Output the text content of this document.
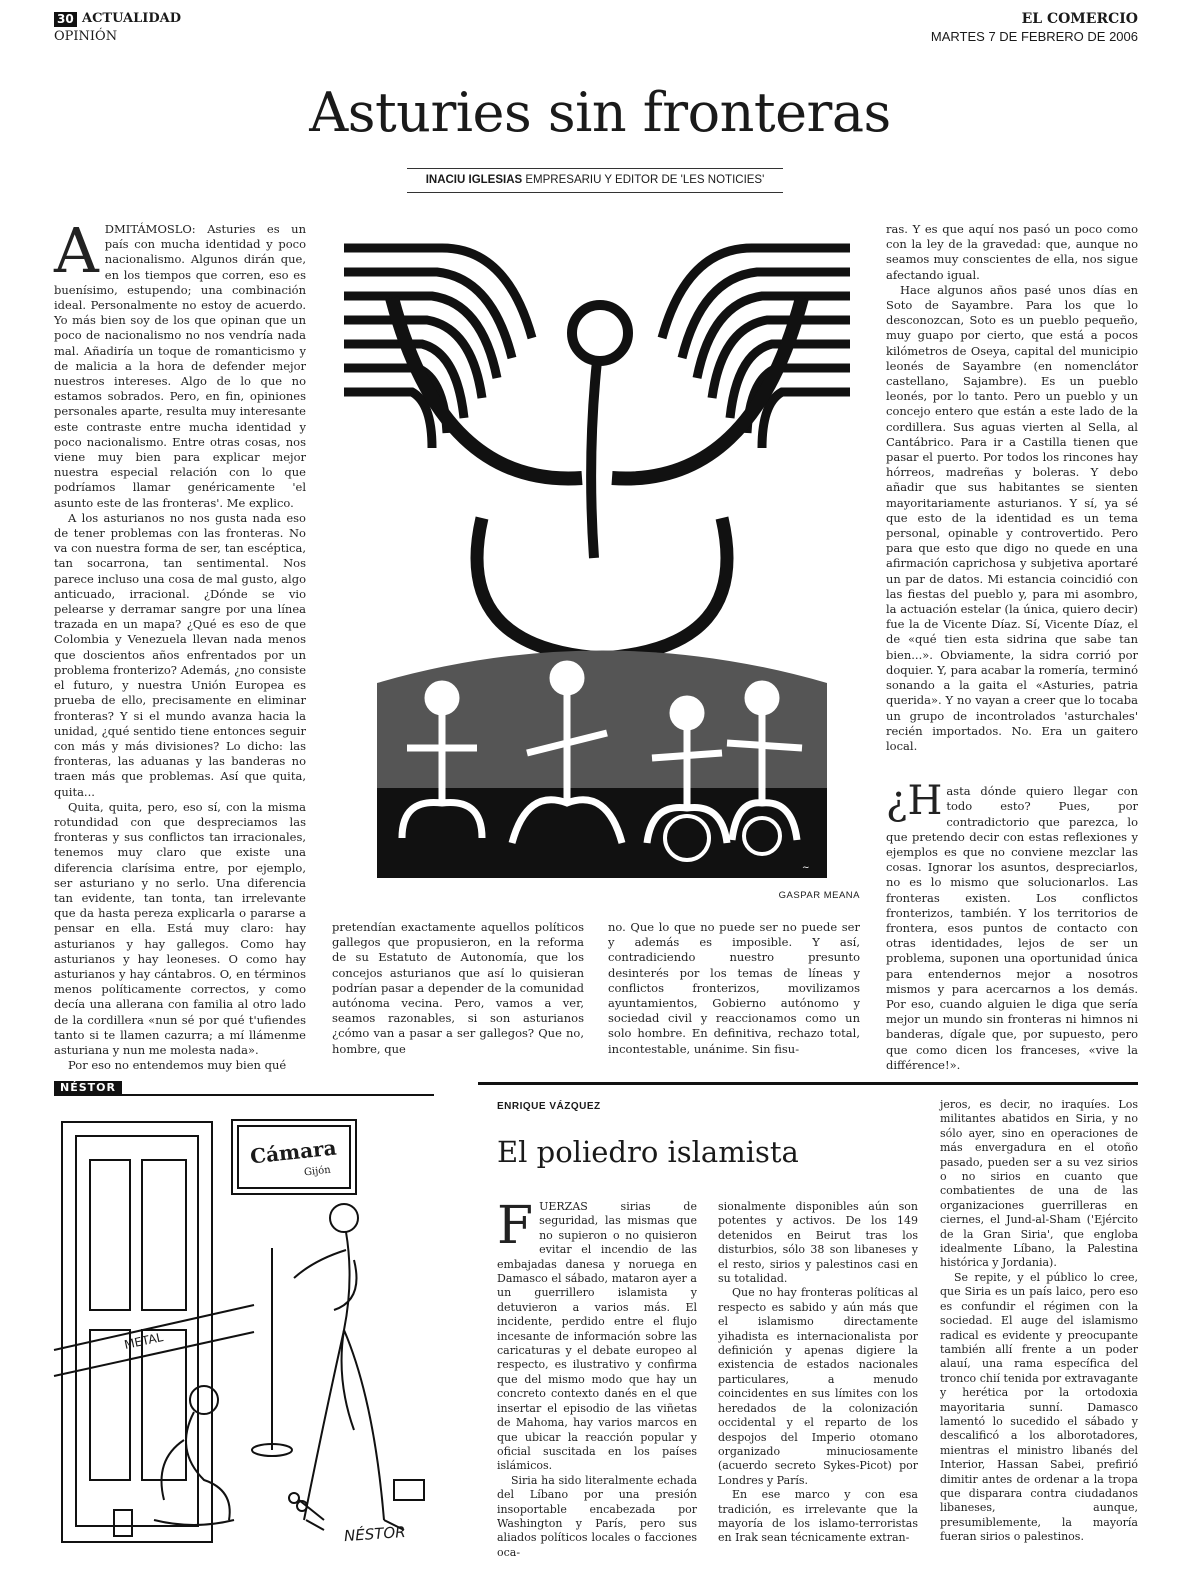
30 ACTUALIDAD
OPINIÓN
EL COMERCIO
MARTES 7 DE FEBRERO DE 2006
Asturies sin fronteras
INACIU IGLESIAS EMPRESARIU Y EDITOR DE 'LES NOTICIES'

ADMITÁMOSLO: Asturies es un país con mucha identidad y poco nacionalismo. Algunos dirán que, en los tiempos que corren, eso es buenísimo, estupendo; una combinación ideal. Personalmente no estoy de acuerdo. Yo más bien soy de los que opinan que un poco de nacionalismo no nos vendría nada mal. Añadiría un toque de romanticismo y de malicia a la hora de defender mejor nuestros intereses. Algo de lo que no estamos sobrados. Pero, en fin, opiniones personales aparte, resulta muy interesante este contraste entre mucha identidad y poco nacionalismo. Entre otras cosas, nos viene muy bien para explicar mejor nuestra especial relación con lo que podríamos llamar genéricamente 'el asunto este de las fronteras'. Me explico.

A los asturianos no nos gusta nada eso de tener problemas con las fronteras. No va con nuestra forma de ser, tan escéptica, tan socarrona, tan sentimental. Nos parece incluso una cosa de mal gusto, algo anticuado, irracional. ¿Dónde se vio pelearse y derramar sangre por una línea trazada en un mapa? ¿Qué es eso de que Colombia y Venezuela llevan nada menos que doscientos años enfrentados por un problema fronterizo? Además, ¿no consiste el futuro, y nuestra Unión Europea es prueba de ello, precisamente en eliminar fronteras? Y si el mundo avanza hacia la unidad, ¿qué sentido tiene entonces seguir con más y más divisiones? Lo dicho: las fronteras, las aduanas y las banderas no traen más que problemas. Así que quita, quita...

Quita, quita, pero, eso sí, con la misma rotundidad con que despreciamos las fronteras y sus conflictos tan irracionales, tenemos muy claro que existe una diferencia clarísima entre, por ejemplo, ser asturiano y no serlo. Una diferencia tan evidente, tan tonta, tan irrelevante que da hasta pereza explicarla o pararse a pensar en ella. Está muy claro: hay asturianos y hay gallegos. Como hay asturianos y hay leoneses. O como hay asturianos y hay cántabros. O, en términos menos políticamente correctos, y como decía una allerana con familia al otro lado de la cordillera «nun sé por qué t'ufiendes tanto si te llamen cazurra; a mí llámenme asturiana y nun me molesta nada».

Por eso no entendemos muy bien qué

~
GASPAR MEANA

pretendían exactamente aquellos políticos gallegos que propusieron, en la reforma de su Estatuto de Autonomía, que los concejos asturianos que así lo quisieran podrían pasar a depender de la comunidad autónoma vecina. Pero, vamos a ver, seamos razonables, si son asturianos ¿cómo van a pasar a ser gallegos? Que no, hombre, que

no. Que lo que no puede ser no puede ser y además es imposible. Y así, contradiciendo nuestro presunto desinterés por los temas de líneas y conflictos fronterizos, movilizamos ayuntamientos, Gobierno autónomo y sociedad civil y reaccionamos como un solo hombre. En definitiva, rechazo total, incontestable, unánime. Sin fisu-

ras. Y es que aquí nos pasó un poco como con la ley de la gravedad: que, aunque no seamos muy conscientes de ella, nos sigue afectando igual.

Hace algunos años pasé unos días en Soto de Sayambre. Para los que lo desconozcan, Soto es un pueblo pequeño, muy guapo por cierto, que está a pocos kilómetros de Oseya, capital del municipio leonés de Sayambre (en nomenclátor castellano, Sajambre). Es un pueblo leonés, por lo tanto. Pero un pueblo y un concejo entero que están a este lado de la cordillera. Sus aguas vierten al Sella, al Cantábrico. Para ir a Castilla tienen que pasar el puerto. Por todos los rincones hay hórreos, madreñas y boleras. Y debo añadir que sus habitantes se sienten mayoritariamente asturianos. Y sí, ya sé que esto de la identidad es un tema personal, opinable y controvertido. Pero para que esto que digo no quede en una afirmación caprichosa y subjetiva aportaré un par de datos. Mi estancia coincidió con las fiestas del pueblo y, para mi asombro, la actuación estelar (la única, quiero decir) fue la de Vicente Díaz. Sí, Vicente Díaz, el de «qué tien esta sidrina que sabe tan bien...». Obviamente, la sidra corrió por doquier. Y, para acabar la romería, terminó sonando a la gaita el «Asturies, patria querida». Y no vayan a creer que lo tocaba un grupo de incontrolados 'asturchales' recién importados. No. Era un gaitero local.

¿H asta dónde quiero llegar con todo esto? Pues, por contradictorio que parezca, lo que pretendo decir con estas reflexiones y ejemplos es que no conviene mezclar las cosas. Ignorar los asuntos, despreciarlos, no es lo mismo que solucionarlos. Las fronteras existen. Los conflictos fronterizos, también. Y los territorios de frontera, esos puntos de contacto con otras identidades, lejos de ser un problema, suponen una oportunidad única para entendernos mejor a nosotros mismos y para acercarnos a los demás. Por eso, cuando alguien le diga que sería mejor un mundo sin fronteras ni himnos ni banderas, dígale que, por supuesto, pero que como dicen los franceses, «vive la différence!».

NÉSTOR
Cámara
Gijón
METAL
NÉSTOR
ENRIQUE VÁZQUEZ
El poliedro islamista

FUERZAS sirias de seguridad, las mismas que no supieron o no quisieron evitar el incendio de las embajadas danesa y noruega en Damasco el sábado, mataron ayer a un guerrillero islamista y detuvieron a varios más. El incidente, perdido entre el flujo incesante de información sobre las caricaturas y el debate europeo al respecto, es ilustrativo y confirma que del mismo modo que hay un concreto contexto danés en el que insertar el episodio de las viñetas de Mahoma, hay varios marcos en que ubicar la reacción popular y oficial suscitada en los países islámicos.

Siria ha sido literalmente echada del Líbano por una presión insoportable encabezada por Washington y París, pero sus aliados políticos locales o facciones oca-

sionalmente disponibles aún son potentes y activos. De los 149 detenidos en Beirut tras los disturbios, sólo 38 son libaneses y el resto, sirios y palestinos casi en su totalidad.

Que no hay fronteras políticas al respecto es sabido y aún más que el islamismo directamente yihadista es internacionalista por definición y apenas digiere la existencia de estados nacionales particulares, a menudo coincidentes en sus límites con los heredados de la colonización occidental y el reparto de los despojos del Imperio otomano organizado minuciosamente (acuerdo secreto Sykes-Picot) por Londres y París.

En ese marco y con esa tradición, es irrelevante que la mayoría de los islamo-terroristas en Irak sean técnicamente extran-

jeros, es decir, no iraquíes. Los militantes abatidos en Siria, y no sólo ayer, sino en operaciones de más envergadura en el otoño pasado, pueden ser a su vez sirios o no sirios en cuanto que combatientes de una de las organizaciones guerrilleras en ciernes, el Jund-al-Sham ('Ejército de la Gran Siria', que engloba idealmente Líbano, la Palestina histórica y Jordania).

Se repite, y el público lo cree, que Siria es un país laico, pero eso es confundir el régimen con la sociedad. El auge del islamismo radical es evidente y preocupante también allí frente a un poder alauí, una rama específica del tronco chií tenida por extravagante y herética por la ortodoxia mayoritaria sunní. Damasco lamentó lo sucedido el sábado y descalificó a los alborotadores, mientras el ministro libanés del Interior, Hassan Sabei, prefirió dimitir antes de ordenar a la tropa que disparara contra ciudadanos libaneses, aunque, presumiblemente, la mayoría fueran sirios o palestinos.
